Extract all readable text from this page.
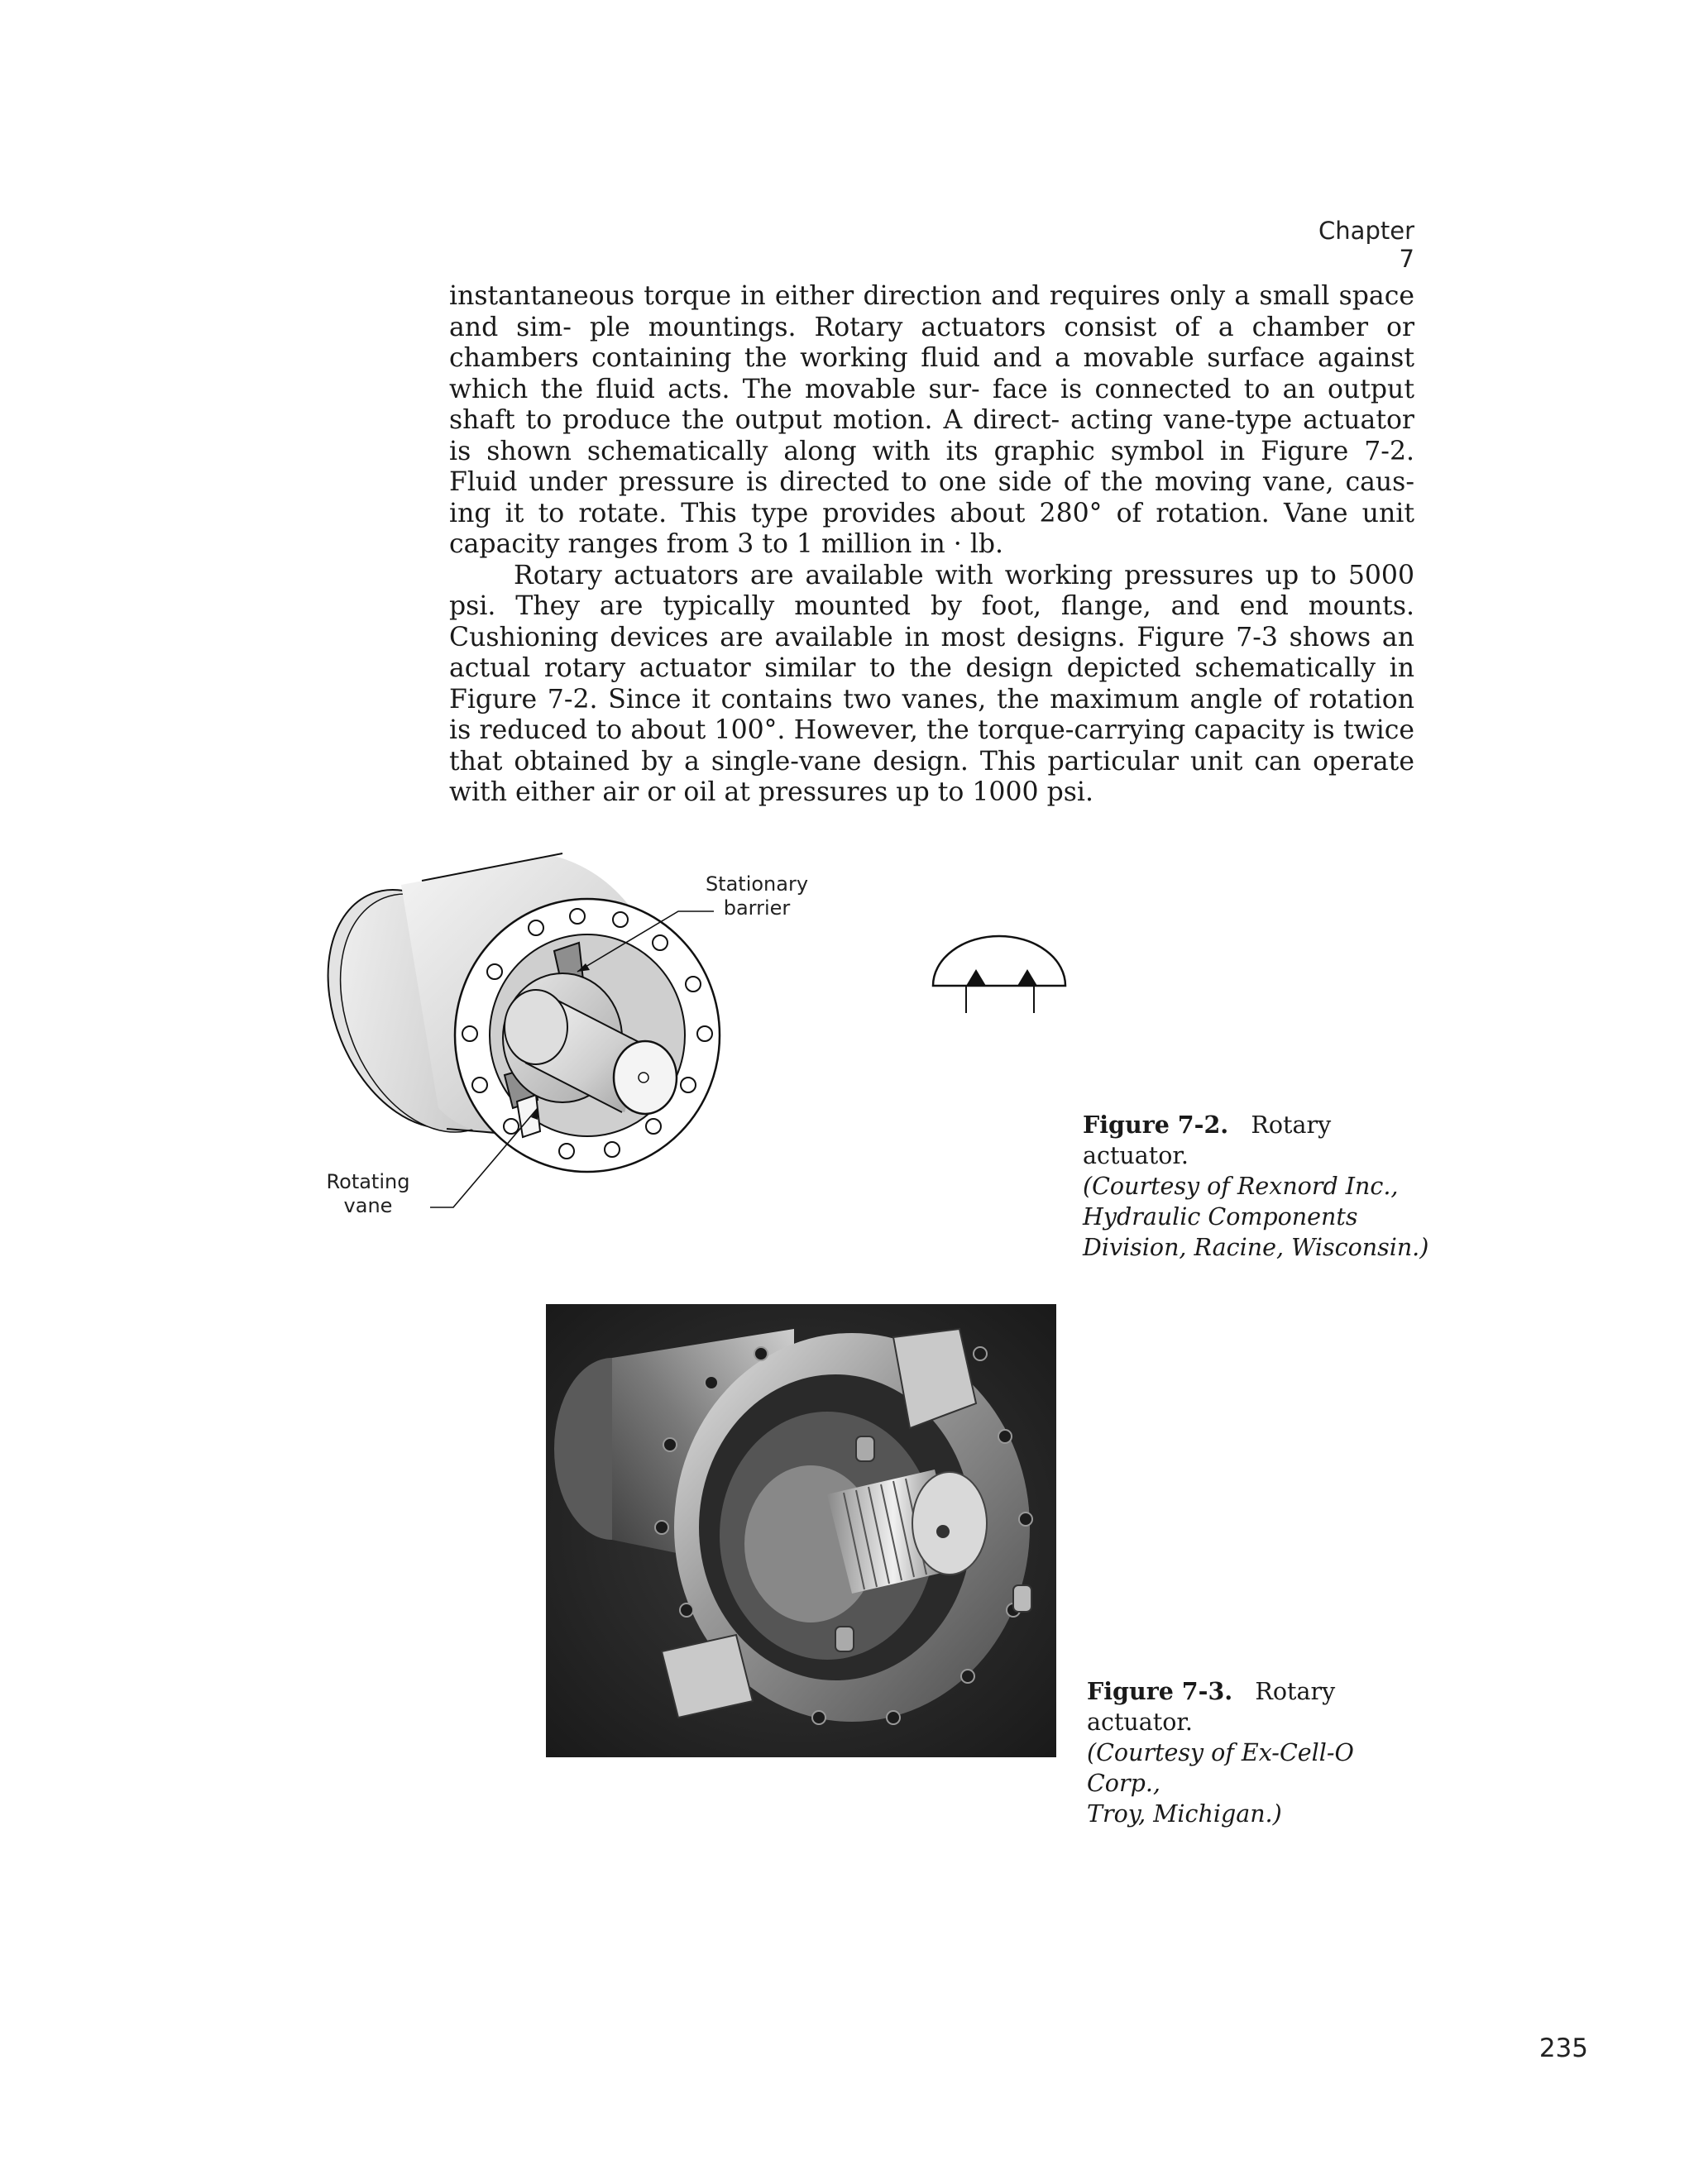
Chapter 7

instantaneous torque in either direction and requires only a small space and sim- ple mountings. Rotary actuators consist of a chamber or chambers containing the working fluid and a movable surface against which the fluid acts. The movable sur- face is connected to an output shaft to produce the output motion. A direct- acting vane-type actuator is shown schematically along with its graphic symbol in Figure 7-2. Fluid under pressure is directed to one side of the moving vane, caus- ing it to rotate. This type provides about 280° of rotation. Vane unit capacity ranges from 3 to 1 million in · lb.

Rotary actuators are available with working pressures up to 5000 psi. They are typically mounted by foot, flange, and end mounts. Cushioning devices are available in most designs. Figure 7-3 shows an actual rotary actuator similar to the design depicted schematically in Figure 7-2. Since it contains two vanes, the maximum angle of rotation is reduced to about 100°. However, the torque-carrying capacity is twice that obtained by a single-vane design. This particular unit can operate with either air or oil at pressures up to 1000 psi.

Stationary
barrier
Rotating
vane
Figure 7-2. Rotary actuator.
(Courtesy of Rexnord Inc.,
Hydraulic Components
Division, Racine, Wisconsin.)
Figure 7-3. Rotary actuator.
(Courtesy of Ex-Cell-O Corp.,
Troy, Michigan.)
235
